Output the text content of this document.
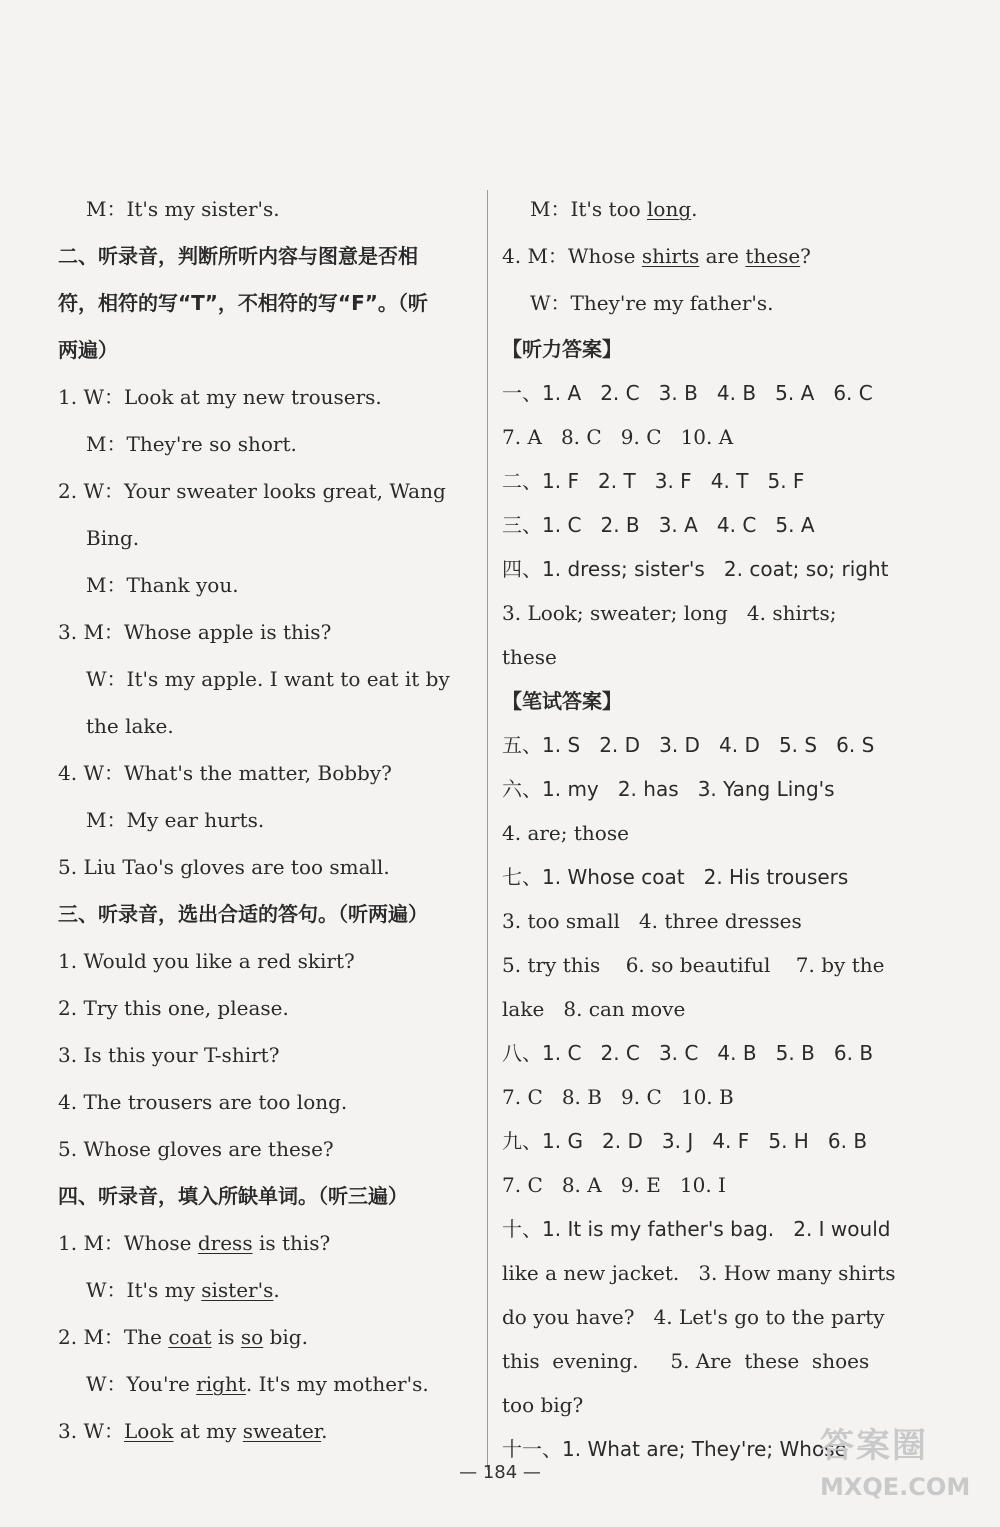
M：It's my sister's.
二、听录音，判断所听内容与图意是否相
符，相符的写“T”，不相符的写“F”。（听
两遍）
1. W：Look at my new trousers.
M：They're so short.
2. W：Your sweater looks great, Wang
Bing.
M：Thank you.
3. M：Whose apple is this?
W：It's my apple. I want to eat it by
the lake.
4. W：What's the matter, Bobby?
M：My ear hurts.
5. Liu Tao's gloves are too small.
三、听录音，选出合适的答句。（听两遍）
1. Would you like a red skirt?
2. Try this one, please.
3. Is this your T-shirt?
4. The trousers are too long.
5. Whose gloves are these?
四、听录音，填入所缺单词。（听三遍）
1. M：Whose dress is this?
W：It's my sister's.
2. M：The coat is so big.
W：You're right. It's my mother's.
3. W：Look at my sweater.
M：It's too long.
4. M：Whose shirts are these?
W：They're my father's.
【听力答案】
一、1. A   2. C   3. B   4. B   5. A   6. C
7. A   8. C   9. C   10. A
二、1. F   2. T   3. F   4. T   5. F
三、1. C   2. B   3. A   4. C   5. A
四、1. dress; sister's   2. coat; so; right
3. Look; sweater; long   4. shirts;
these
【笔试答案】
五、1. S   2. D   3. D   4. D   5. S   6. S
六、1. my   2. has   3. Yang Ling's
4. are; those
七、1. Whose coat   2. His trousers
3. too small   4. three dresses
5. try this    6. so beautiful    7. by the
lake   8. can move
八、1. C   2. C   3. C   4. B   5. B   6. B
7. C   8. B   9. C   10. B
九、1. G   2. D   3. J   4. F   5. H   6. B
7. C   8. A   9. E   10. I
十、1. It is my father's bag.   2. I would
like a new jacket.   3. How many shirts
do you have?   4. Let's go to the party
this  evening.     5. Are  these  shoes
too big?
十一、1. What are; They're; Whose
— 184 —
答案圈
MXQE.COM
